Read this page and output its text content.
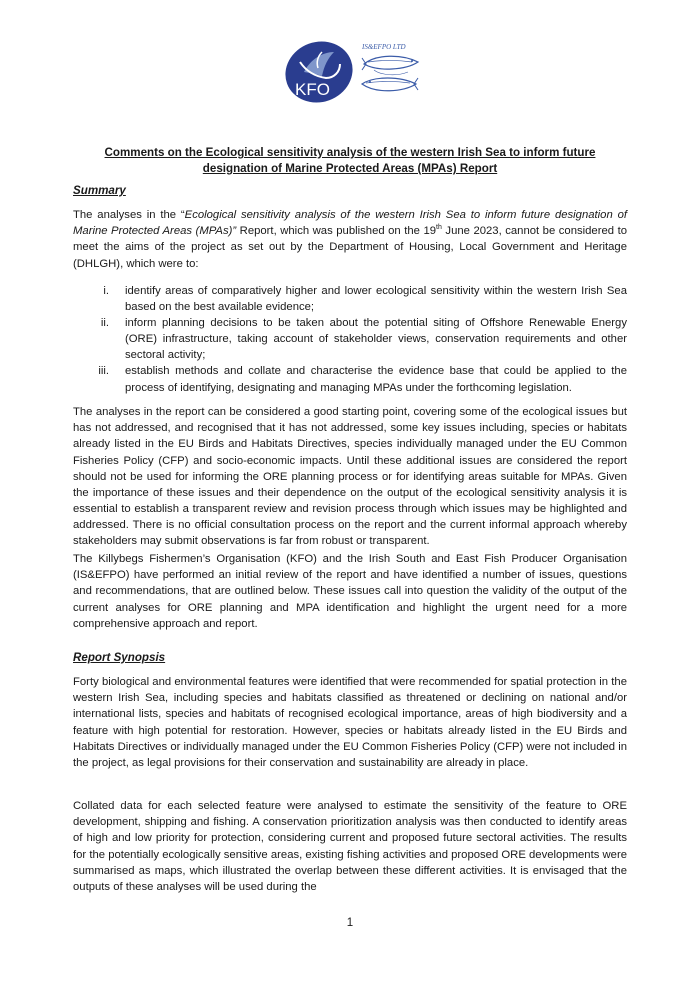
KFO
IS&EFPO LTD
Comments on the Ecological sensitivity analysis of the western Irish Sea to inform future designation of Marine Protected Areas (MPAs) Report
Summary

The analyses in the “Ecological sensitivity analysis of the western Irish Sea to inform future designation of Marine Protected Areas (MPAs)” Report, which was published on the 19th June 2023, cannot be considered to meet the aims of the project as set out by the Department of Housing, Local Government and Heritage (DHLGH), which were to:

i. identify areas of comparatively higher and lower ecological sensitivity within the western Irish Sea based on the best available evidence;
ii. inform planning decisions to be taken about the potential siting of Offshore Renewable Energy (ORE) infrastructure, taking account of stakeholder views, conservation requirements and other sectoral activity;
iii. establish methods and collate and characterise the evidence base that could be applied to the process of identifying, designating and managing MPAs under the forthcoming legislation.

The analyses in the report can be considered a good starting point, covering some of the ecological issues but has not addressed, and recognised that it has not addressed, some key issues including, species or habitats already listed in the EU Birds and Habitats Directives, species individually managed under the EU Common Fisheries Policy (CFP) and socio-economic impacts. Until these additional issues are considered the report should not be used for informing the ORE planning process or for identifying areas suitable for MPAs. Given the importance of these issues and their dependence on the output of the ecological sensitivity analysis it is essential to establish a transparent review and revision process through which issues may be highlighted and addressed. There is no official consultation process on the report and the current informal approach whereby stakeholders may submit observations is far from robust or transparent.

The Killybegs Fishermen’s Organisation (KFO) and the Irish South and East Fish Producer Organisation (IS&EFPO) have performed an initial review of the report and have identified a number of issues, questions and recommendations, that are outlined below. These issues call into question the validity of the output of the current analyses for ORE planning and MPA identification and highlight the urgent need for a more comprehensive approach and report.

Report Synopsis

Forty biological and environmental features were identified that were recommended for spatial protection in the western Irish Sea, including species and habitats classified as threatened or declining on national and/or international lists, species and habitats of recognised ecological importance, areas of high biodiversity and a feature with high potential for restoration. However, species or habitats already listed in the EU Birds and Habitats Directives or individually managed under the EU Common Fisheries Policy (CFP) were not included in the project, as legal provisions for their conservation and sustainability are already in place.

Collated data for each selected feature were analysed to estimate the sensitivity of the feature to ORE development, shipping and fishing. A conservation prioritization analysis was then conducted to identify areas of high and low priority for protection, considering current and proposed future sectoral activities. The results for the potentially ecologically sensitive areas, existing fishing activities and proposed ORE developments were summarised as maps, which illustrated the overlap between these different activities. It is envisaged that the outputs of these analyses will be used during the

1
